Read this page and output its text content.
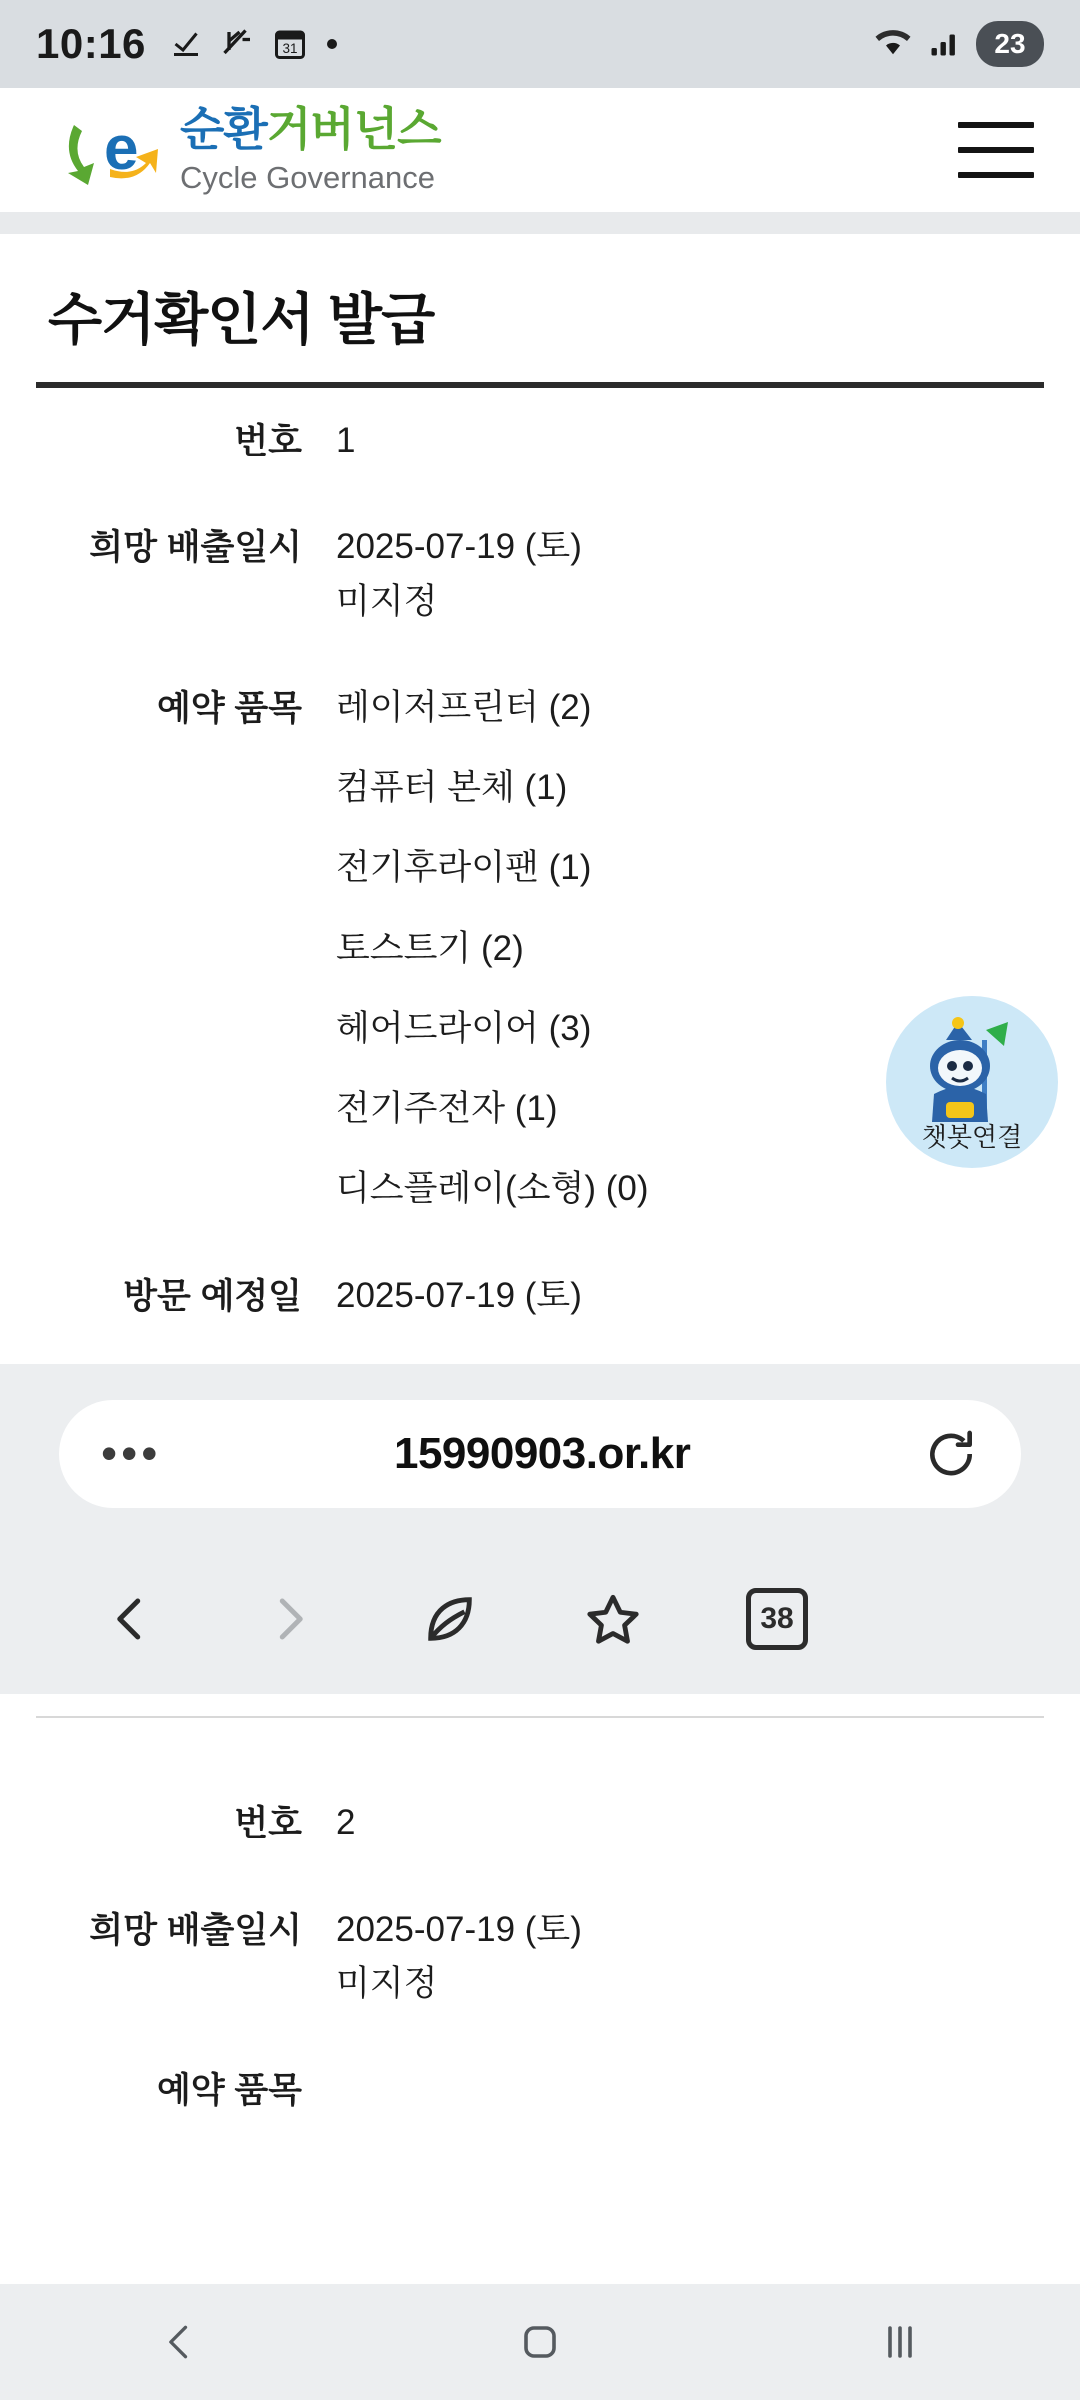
10:16	31	23
e 순환 거버넌스
Cycle Governance
수거확인서 발급
번호	1
희망 배출일시	2025-07-19 (토)
미지정

예약 품목	레이저프린터 (2)
컴퓨터 본체 (1)
전기후라이팬 (1)
토스트기 (2)
헤어드라이어 (3)
전기주전자 (1)
디스플레이(소형) (0)

방문 예정일	2025-07-19 (토)

번호	2
희망 배출일시	2025-07-19 (토)
미지정

예약 품목	
챗봇연결
•••	15990903.or.kr
38
